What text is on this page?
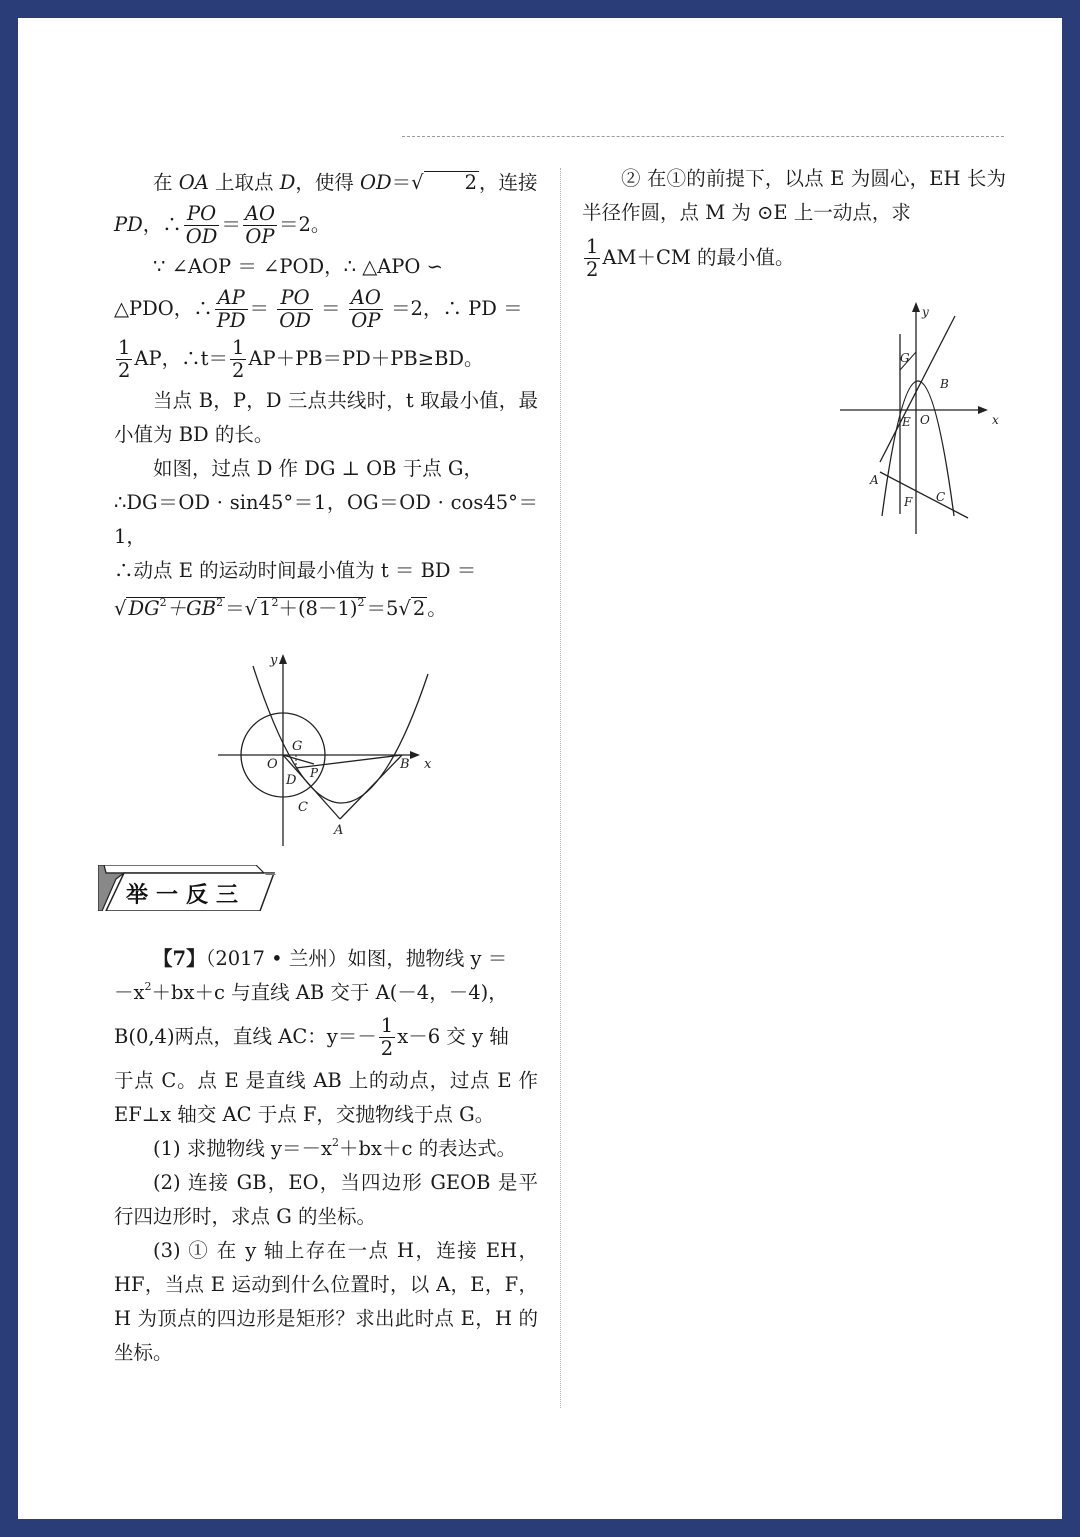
在 OA 上取点 D，使得 OD＝√ 2 ，连接

PD，∴ $\frac{PO}{OD} = \frac{AO}{OP} =2$。

∵ ∠AOP ＝ ∠POD，∴ △APO ∽

△PDO，∴ $\frac{AP}{PD} = \frac{PO}{OD} = \frac{AO}{OP} =2$，∴ PD ＝

$\frac{1}{2}$ AP，∴t＝ $\frac{1}{2} AP+PB=PD+PB\ge BD$。

当点 B，P，D 三点共线时，t 取最小值，最小值为 BD 的长。

如图，过点 D 作 DG ⊥ OB 于点 G，

∴DG＝OD · sin45°＝1，OG＝OD · cos45°＝1，

∴动点 E 的运动时间最小值为 t ＝ BD ＝

√ $DG^2+GB^2$ ＝√ $1^2+(8-1)^2 =5√$ 2 。

y
x
O
G
D P
B
C
A
举一反三

【7】（2017 • 兰州）如图，抛物线 y ＝

$-x^2+bx+c$ 与直线 AB 交于 A(－4，－4)，

B(0,4)两点，直线 AC：$y=- \frac{1}{2} x-6$ 交 y 轴

于点 C。点 E 是直线 AB 上的动点，过点 E 作 EF⊥x 轴交 AC 于点 F，交抛物线于点 G。

(1) 求抛物线 $y=-x^2+bx+c$ 的表达式。

(2) 连接 GB，EO，当四边形 GEOB 是平行四边形时，求点 G 的坐标。

(3) ① 在 y 轴上存在一点 H，连接 EH，HF，当点 E 运动到什么位置时，以 A，E，F，H 为顶点的四边形是矩形？求出此时点 E，H 的坐标。

② 在①的前提下，以点 E 为圆心，EH 长为半径作圆，点 M 为 ⊙E 上一动点，求

$\frac{1}{2} AM+CM$ 的最小值。

y
x
O
G
B
E
A
F C
